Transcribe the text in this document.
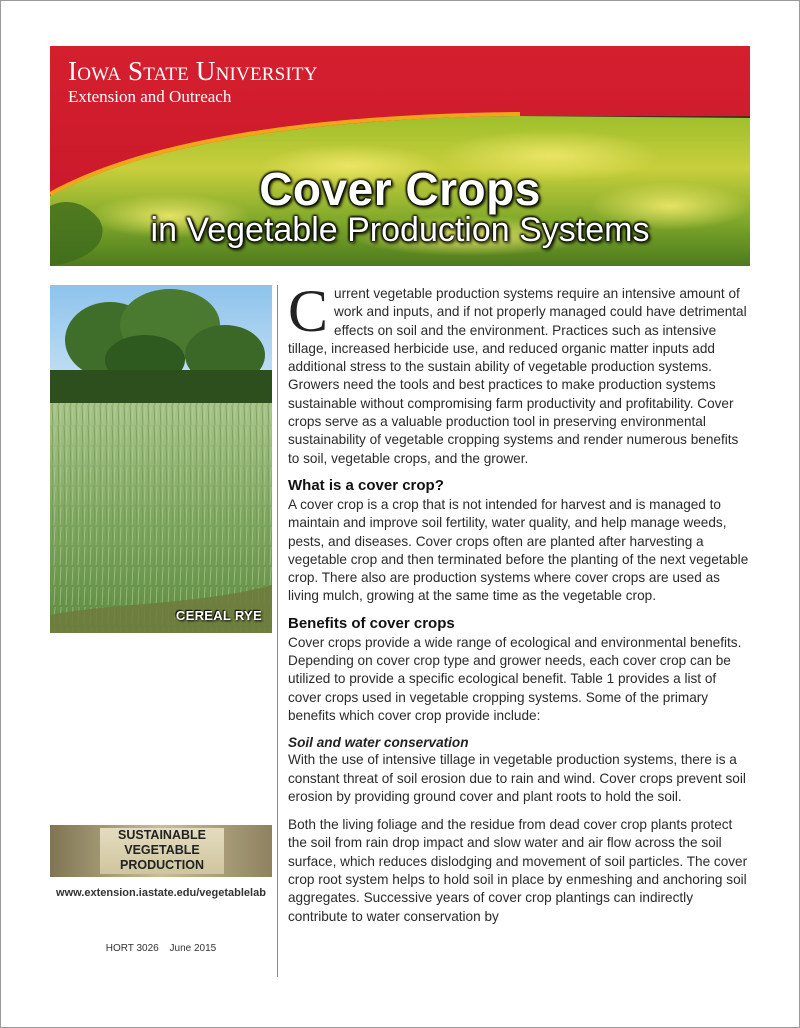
Iowa State University
Extension and Outreach
Cover Crops
in Vegetable Production Systems
CEREAL RYE
SUSTAINABLE
VEGETABLE
PRODUCTION
www.extension.iastate.edu/vegetablelab
HORT 3026 June 2015

C urrent vegetable production systems require an intensive amount of work and inputs, and if not properly managed could have detrimental effects on soil and the environment. Practices such as intensive tillage, increased herbicide use, and reduced organic matter inputs add additional stress to the sustain ability of vegetable production systems. Growers need the tools and best practices to make production systems sustainable without compromising farm productivity and profitability. Cover crops serve as a valuable production tool in preserving environmental sustainability of vegetable cropping systems and render numerous benefits to soil, vegetable crops, and the grower.

What is a cover crop?

A cover crop is a crop that is not intended for harvest and is managed to maintain and improve soil fertility, water quality, and help manage weeds, pests, and diseases. Cover crops often are planted after harvesting a vegetable crop and then terminated before the planting of the next vegetable crop. There also are production systems where cover crops are used as living mulch, growing at the same time as the vegetable crop.

Benefits of cover crops

Cover crops provide a wide range of ecological and environmental benefits. Depending on cover crop type and grower needs, each cover crop can be utilized to provide a specific ecological benefit. Table 1 provides a list of cover crops used in vegetable cropping systems. Some of the primary benefits which cover crop provide include:

Soil and water conservation

With the use of intensive tillage in vegetable production systems, there is a constant threat of soil erosion due to rain and wind. Cover crops prevent soil erosion by providing ground cover and plant roots to hold the soil.

Both the living foliage and the residue from dead cover crop plants protect the soil from rain drop impact and slow water and air flow across the soil surface, which reduces dislodging and movement of soil particles. The cover crop root system helps to hold soil in place by enmeshing and anchoring soil aggregates. Successive years of cover crop plantings can indirectly contribute to water conservation by
